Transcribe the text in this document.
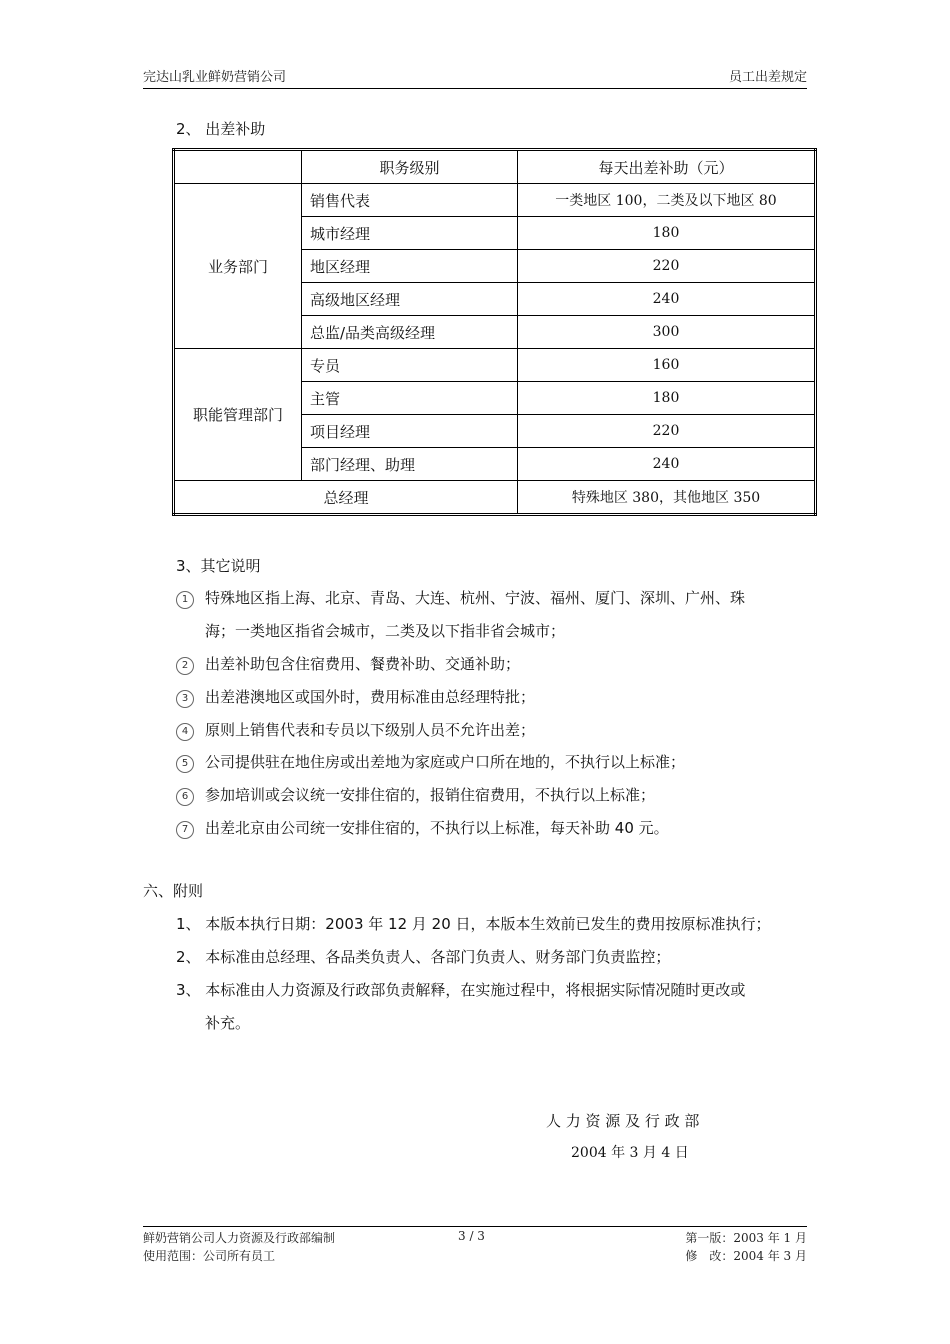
完达山乳业鲜奶营销公司	员工出差规定
2、 出差补助
	职务级别	每天出差补助（元）
业务部门	销售代表	一类地区 100，二类及以下地区 80
	城市经理	180
	地区经理	220
	高级地区经理	240
	总监/品类高级经理	300
职能管理部门	专员	160
	主管	180
	项目经理	220
	部门经理、助理	240
总经理		特殊地区 380，其他地区 350
3、其它说明
1 特殊地区指上海、北京、青岛、大连、杭州、宁波、福州、厦门、深圳、广州、珠
海；一类地区指省会城市，二类及以下指非省会城市；
2 出差补助包含住宿费用、餐费补助、交通补助；
3 出差港澳地区或国外时，费用标准由总经理特批；
4 原则上销售代表和专员以下级别人员不允许出差；
5 公司提供驻在地住房或出差地为家庭或户口所在地的，不执行以上标准；
6 参加培训或会议统一安排住宿的，报销住宿费用，不执行以上标准；
7 出差北京由公司统一安排住宿的，不执行以上标准，每天补助 40 元。
六、附则
1、 本版本执行日期：2003 年 12 月 20 日，本版本生效前已发生的费用按原标准执行；
2、 本标准由总经理、各品类负责人、各部门负责人、财务部门负责监控；
3、 本标准由人力资源及行政部负责解释，在实施过程中，将根据实际情况随时更改或
补充。
人 力 资 源 及 行 政 部
2004 年 3 月 4 日
鲜奶营销公司人力资源及行政部编制	3 / 3	第一版：2003 年 1 月
使用范围：公司所有员工	修　改：2004 年 3 月
